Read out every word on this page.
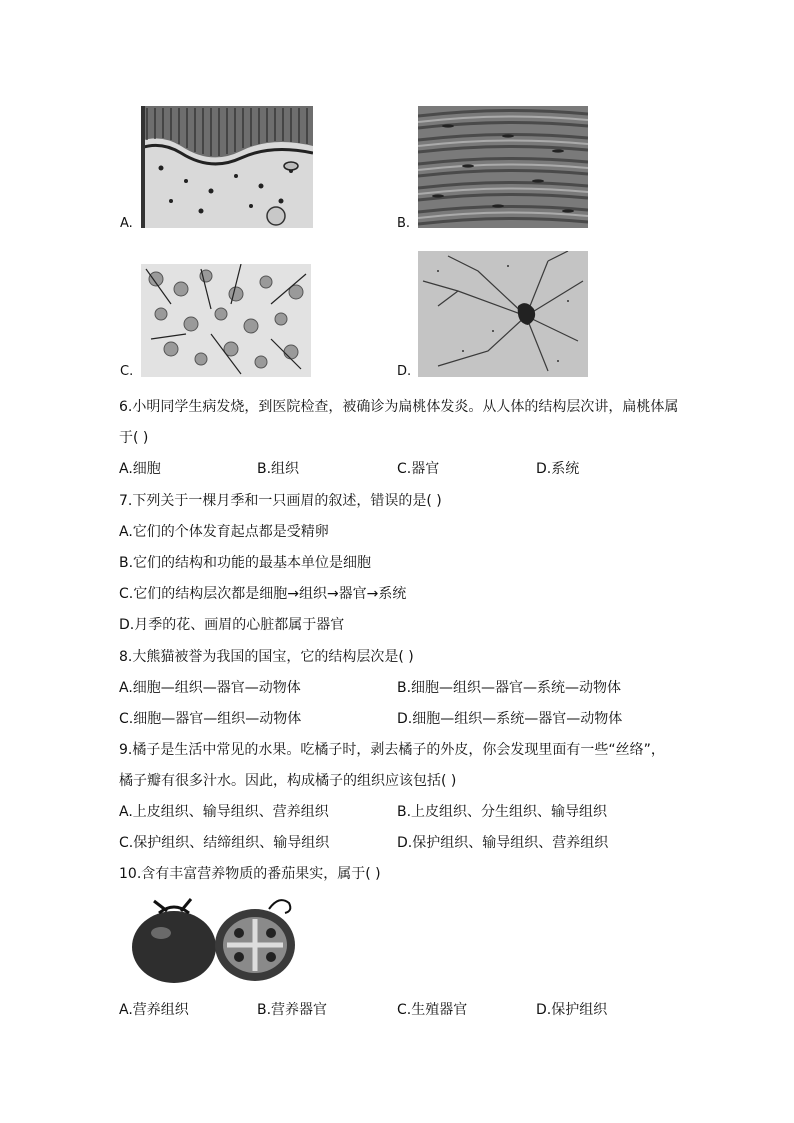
A.	B.
C.	D.
6.小明同学生病发烧，到医院检查，被确诊为扁桃体发炎。从人体的结构层次讲，扁桃体属
于( )
A.细胞	B.组织	C.器官	D.系统
7.下列关于一棵月季和一只画眉的叙述，错误的是( )
A.它们的个体发育起点都是受精卵
B.它们的结构和功能的最基本单位是细胞
C.它们的结构层次都是细胞→组织→器官→系统
D.月季的花、画眉的心脏都属于器官
8.大熊猫被誉为我国的国宝，它的结构层次是( )
A.细胞—组织—器官—动物体	B.细胞—组织—器官—系统—动物体
C.细胞—器官—组织—动物体	D.细胞—组织—系统—器官—动物体
9.橘子是生活中常见的水果。吃橘子时，剥去橘子的外皮，你会发现里面有一些“丝络”，
橘子瓣有很多汁水。因此，构成橘子的组织应该包括( )
A.上皮组织、输导组织、营养组织	B.上皮组织、分生组织、输导组织
C.保护组织、结缔组织、输导组织	D.保护组织、输导组织、营养组织
10.含有丰富营养物质的番茄果实，属于( )
A.营养组织	B.营养器官	C.生殖器官	D.保护组织
